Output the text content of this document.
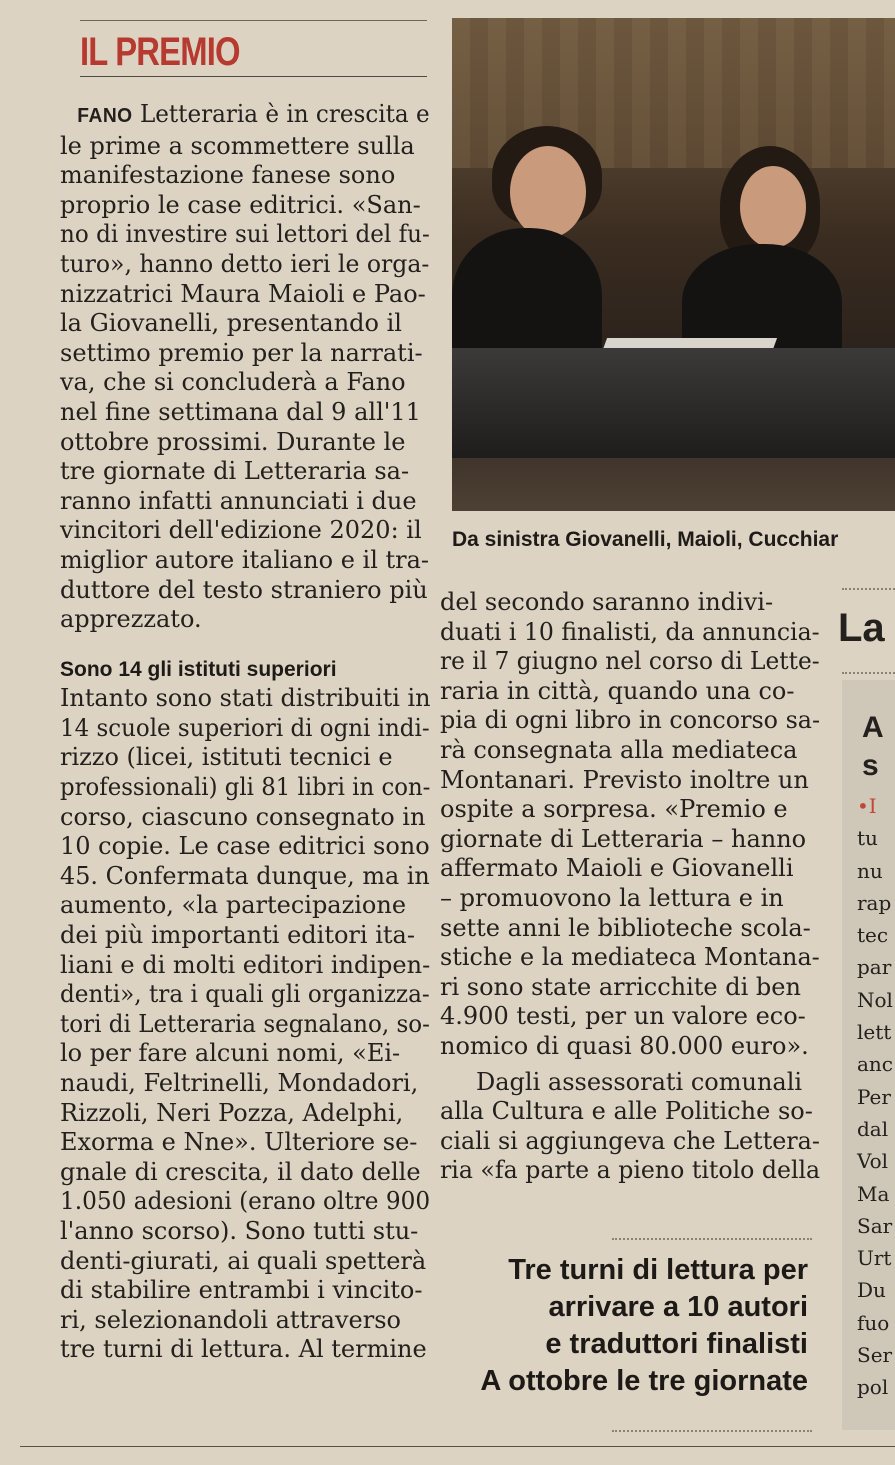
IL PREMIO
FANO Letteraria è in crescita e
le prime a scommettere sulla
manifestazione fanese sono
proprio le case editrici. «San-
no di investire sui lettori del fu-
turo», hanno detto ieri le orga-
nizzatrici Maura Maioli e Pao-
la Giovanelli, presentando il
settimo premio per la narrati-
va, che si concluderà a Fano
nel fine settimana dal 9 all'11
ottobre prossimi. Durante le
tre giornate di Letteraria sa-
ranno infatti annunciati i due
vincitori dell'edizione 2020: il
miglior autore italiano e il tra-
duttore del testo straniero più
apprezzato.
Sono 14 gli istituti superiori
Intanto sono stati distribuiti in
14 scuole superiori di ogni indi-
rizzo (licei, istituti tecnici e
professionali) gli 81 libri in con-
corso, ciascuno consegnato in
10 copie. Le case editrici sono
45. Confermata dunque, ma in
aumento, «la partecipazione
dei più importanti editori ita-
liani e di molti editori indipen-
denti», tra i quali gli organizza-
tori di Letteraria segnalano, so-
lo per fare alcuni nomi, «Ei-
naudi, Feltrinelli, Mondadori,
Rizzoli, Neri Pozza, Adelphi,
Exorma e Nne». Ulteriore se-
gnale di crescita, il dato delle
1.050 adesioni (erano oltre 900
l'anno scorso). Sono tutti stu-
denti-giurati, ai quali spetterà
di stabilire entrambi i vincito-
ri, selezionandoli attraverso
tre turni di lettura. Al termine
Da sinistra Giovanelli, Maioli, Cucchiar
del secondo saranno indivi-
duati i 10 finalisti, da annuncia-
re il 7 giugno nel corso di Lette-
raria in città, quando una co-
pia di ogni libro in concorso sa-
rà consegnata alla mediateca
Montanari. Previsto inoltre un
ospite a sorpresa. «Premio e
giornate di Letteraria – hanno
affermato Maioli e Giovanelli
– promuovono la lettura e in
sette anni le biblioteche scola-
stiche e la mediateca Montana-
ri sono state arricchite di ben
4.900 testi, per un valore eco-
nomico di quasi 80.000 euro».
Dagli assessorati comunali
alla Cultura e alle Politiche so-
ciali si aggiungeva che Lettera-
ria «fa parte a pieno titolo della
Tre turni di lettura per
arrivare a 10 autori
e traduttori finalisti
A ottobre le tre giornate
La
A
s
•I
tu
nu
rap
tec
par
Nol
lett
anc
Per
dal
Vol
Ma
Sar
Urt
Du
fuo
Ser
pol
